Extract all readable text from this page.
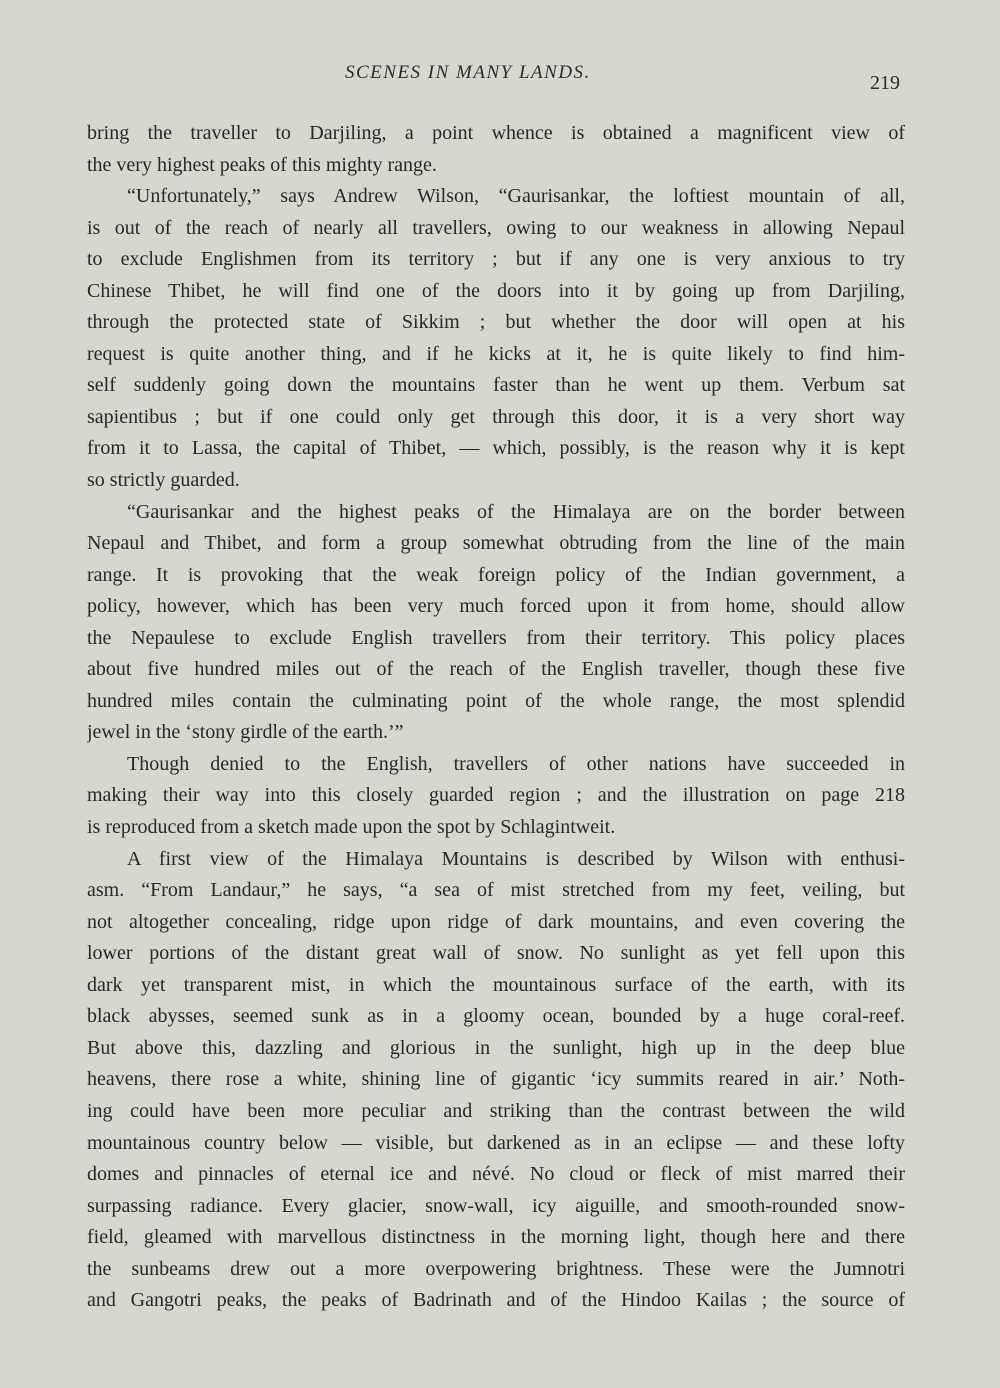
SCENES IN MANY LANDS.	219
bring the traveller to Darjiling, a point whence is obtained a magnificent view of
the very highest peaks of this mighty range.
“Unfortunately,” says Andrew Wilson, “Gaurisankar, the loftiest mountain of all,
is out of the reach of nearly all travellers, owing to our weakness in allowing Nepaul
to exclude Englishmen from its territory ; but if any one is very anxious to try
Chinese Thibet, he will find one of the doors into it by going up from Darjiling,
through the protected state of Sikkim ; but whether the door will open at his
request is quite another thing, and if he kicks at it, he is quite likely to find him-
self suddenly going down the mountains faster than he went up them. Verbum sat
sapientibus ; but if one could only get through this door, it is a very short way
from it to Lassa, the capital of Thibet, — which, possibly, is the reason why it is kept
so strictly guarded.
“Gaurisankar and the highest peaks of the Himalaya are on the border between
Nepaul and Thibet, and form a group somewhat obtruding from the line of the main
range. It is provoking that the weak foreign policy of the Indian government, a
policy, however, which has been very much forced upon it from home, should allow
the Nepaulese to exclude English travellers from their territory. This policy places
about five hundred miles out of the reach of the English traveller, though these five
hundred miles contain the culminating point of the whole range, the most splendid
jewel in the ‘stony girdle of the earth.’”
Though denied to the English, travellers of other nations have succeeded in
making their way into this closely guarded region ; and the illustration on page 218
is reproduced from a sketch made upon the spot by Schlagintweit.
A first view of the Himalaya Mountains is described by Wilson with enthusi-
asm. “From Landaur,” he says, “a sea of mist stretched from my feet, veiling, but
not altogether concealing, ridge upon ridge of dark mountains, and even covering the
lower portions of the distant great wall of snow. No sunlight as yet fell upon this
dark yet transparent mist, in which the mountainous surface of the earth, with its
black abysses, seemed sunk as in a gloomy ocean, bounded by a huge coral-reef.
But above this, dazzling and glorious in the sunlight, high up in the deep blue
heavens, there rose a white, shining line of gigantic ‘icy summits reared in air.’ Noth-
ing could have been more peculiar and striking than the contrast between the wild
mountainous country below — visible, but darkened as in an eclipse — and these lofty
domes and pinnacles of eternal ice and névé. No cloud or fleck of mist marred their
surpassing radiance. Every glacier, snow-wall, icy aiguille, and smooth-rounded snow-
field, gleamed with marvellous distinctness in the morning light, though here and there
the sunbeams drew out a more overpowering brightness. These were the Jumnotri
and Gangotri peaks, the peaks of Badrinath and of the Hindoo Kailas ; the source of
